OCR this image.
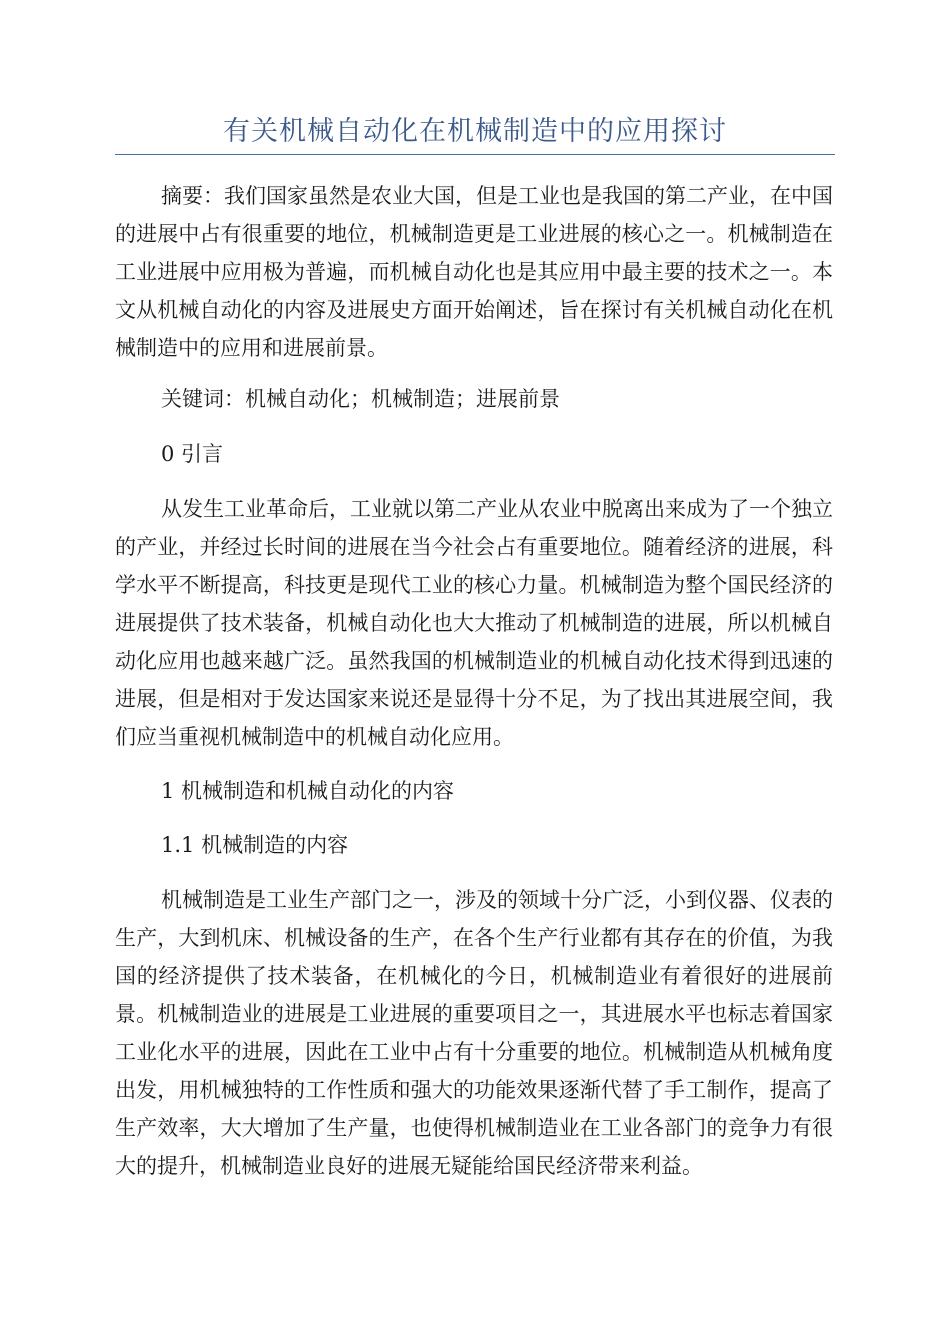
有关机械自动化在机械制造中的应用探讨

摘要：我们国家虽然是农业大国，但是工业也是我国的第二产业，在中国的进展中占有很重要的地位，机械制造更是工业进展的核心之一。机械制造在工业进展中应用极为普遍，而机械自动化也是其应用中最主要的技术之一。本文从机械自动化的内容及进展史方面开始阐述，旨在探讨有关机械自动化在机械制造中的应用和进展前景。

关键词：机械自动化；机械制造；进展前景

0 引言

从发生工业革命后，工业就以第二产业从农业中脱离出来成为了一个独立的产业，并经过长时间的进展在当今社会占有重要地位。随着经济的进展，科学水平不断提高，科技更是现代工业的核心力量。机械制造为整个国民经济的进展提供了技术装备，机械自动化也大大推动了机械制造的进展，所以机械自动化应用也越来越广泛。虽然我国的机械制造业的机械自动化技术得到迅速的进展，但是相对于发达国家来说还是显得十分不足，为了找出其进展空间，我们应当重视机械制造中的机械自动化应用。

1 机械制造和机械自动化的内容

1.1 机械制造的内容

机械制造是工业生产部门之一，涉及的领域十分广泛，小到仪器、仪表的生产，大到机床、机械设备的生产，在各个生产行业都有其存在的价值，为我国的经济提供了技术装备，在机械化的今日，机械制造业有着很好的进展前景。机械制造业的进展是工业进展的重要项目之一，其进展水平也标志着国家工业化水平的进展，因此在工业中占有十分重要的地位。机械制造从机械角度出发，用机械独特的工作性质和强大的功能效果逐渐代替了手工制作，提高了生产效率，大大增加了生产量，也使得机械制造业在工业各部门的竞争力有很大的提升，机械制造业良好的进展无疑能给国民经济带来利益。
